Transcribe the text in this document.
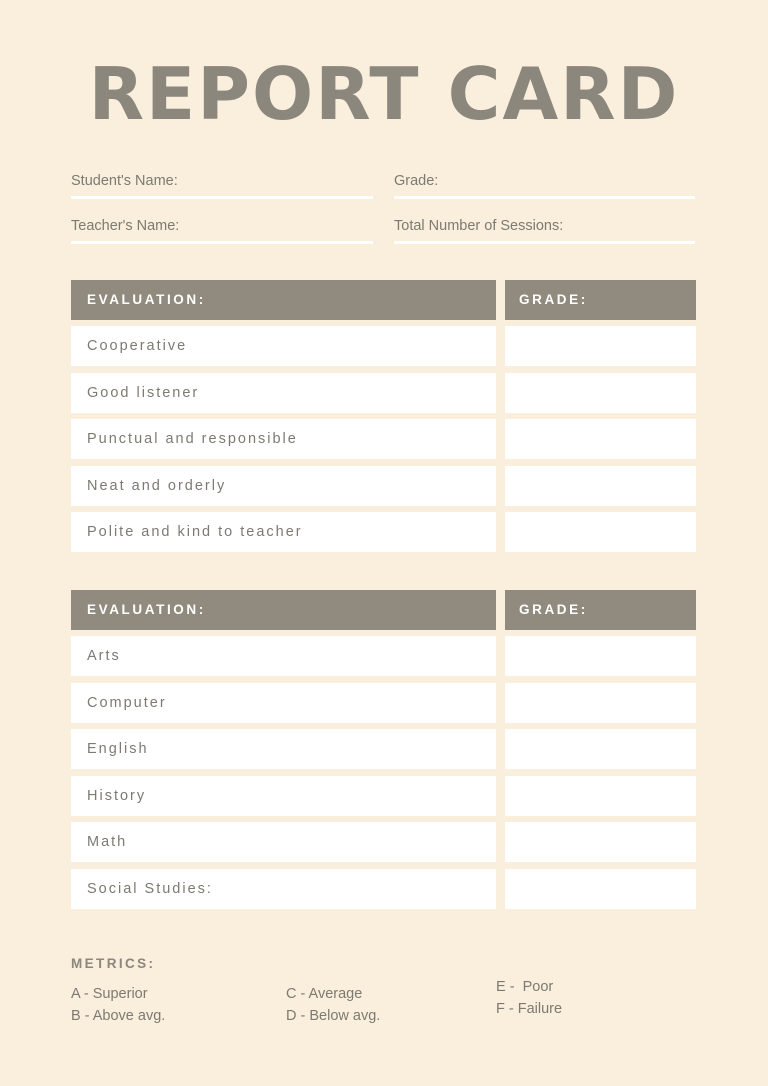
REPORT CARD
Student's Name:	Grade:
Teacher's Name:	Total Number of Sessions:
EVALUATION:	GRADE:
Cooperative
Good listener
Punctual and responsible
Neat and orderly
Polite and kind to teacher
EVALUATION:	GRADE:
Arts
Computer
English
History
Math
Social Studies:
METRICS:
A - Superior
B - Above avg.
C - Average
D - Below avg.
E -  Poor
F - Failure
